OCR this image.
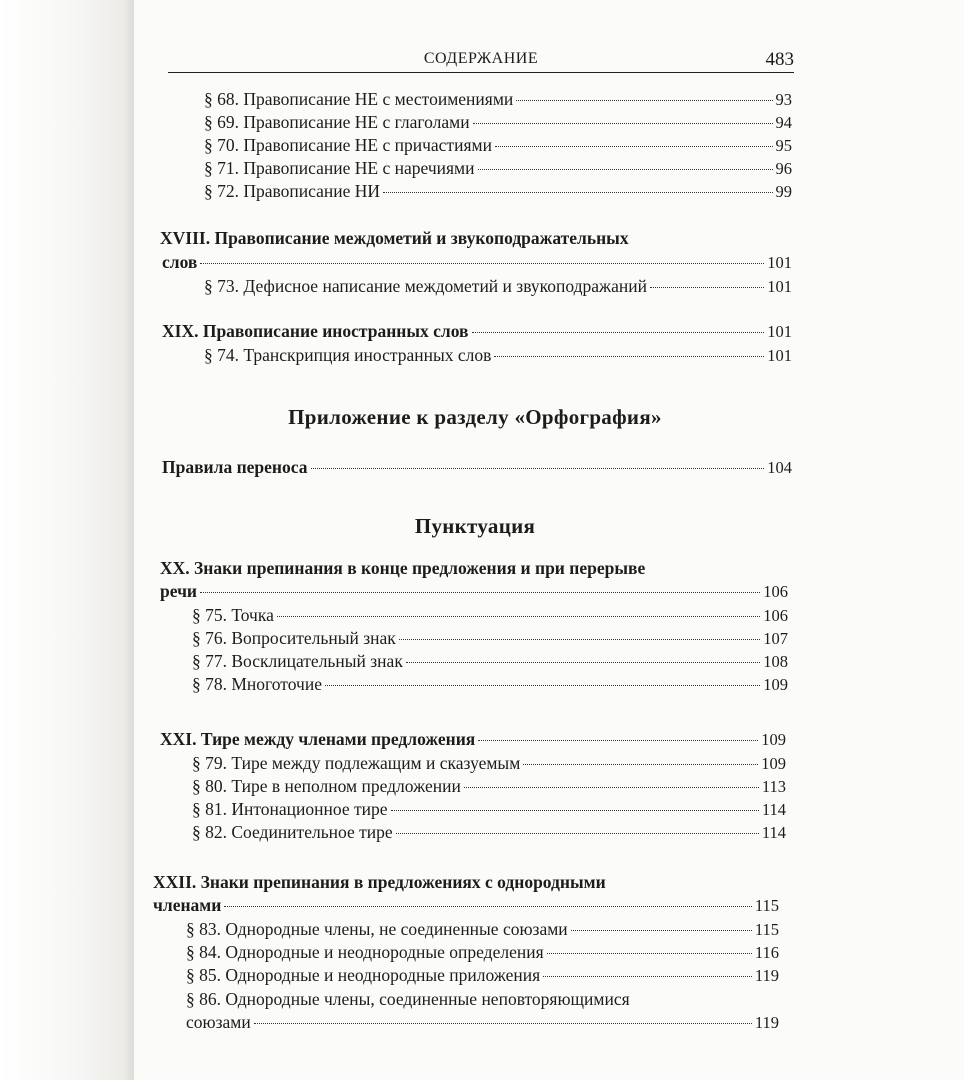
СОДЕРЖАНИЕ	483
§ 68. Правописание НЕ с местоимениями	93
§ 69. Правописание НЕ с глаголами	94
§ 70. Правописание НЕ с причастиями	95
§ 71. Правописание НЕ с наречиями	96
§ 72. Правописание НИ	99
XVIII. Правописание междометий и звукоподражательных
слов	101
§ 73. Дефисное написание междометий и звукоподражаний	101
XIX. Правописание иностранных слов	101
§ 74. Транскрипция иностранных слов	101
Приложение к разделу «Орфография»
Правила переноса	104
Пунктуация
XX. Знаки препинания в конце предложения и при перерыве
речи	106
§ 75. Точка	106
§ 76. Вопросительный знак	107
§ 77. Восклицательный знак	108
§ 78. Многоточие	109
XXI. Тире между членами предложения	109
§ 79. Тире между подлежащим и сказуемым	109
§ 80. Тире в неполном предложении	113
§ 81. Интонационное тире	114
§ 82. Соединительное тире	114
XXII. Знаки препинания в предложениях с однородными
членами	115
§ 83. Однородные члены, не соединенные союзами	115
§ 84. Однородные и неоднородные определения	116
§ 85. Однородные и неоднородные приложения	119
§ 86. Однородные члены, соединенные неповторяющимися
союзами	119
